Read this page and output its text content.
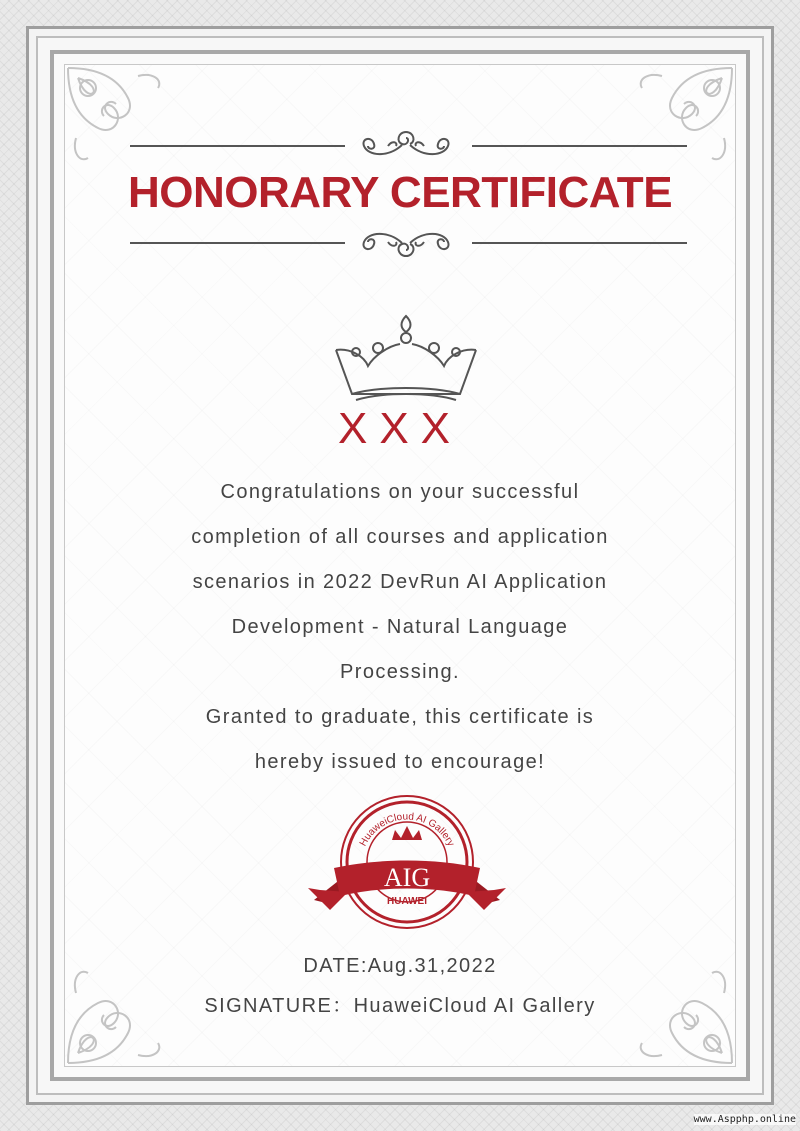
HONORARY CERTIFICATE
XXX
Congratulations on your successful
completion of all courses and application
scenarios in 2022 DevRun AI Application
Development - Natural Language
Processing.
Granted to graduate, this certificate is
hereby issued to encourage!
HuaweiCloud AI Gallery
AIG
HUAWEI
DATE:Aug.31,2022
SIGNATURE：HuaweiCloud AI Gallery
www.Aspphp.online
